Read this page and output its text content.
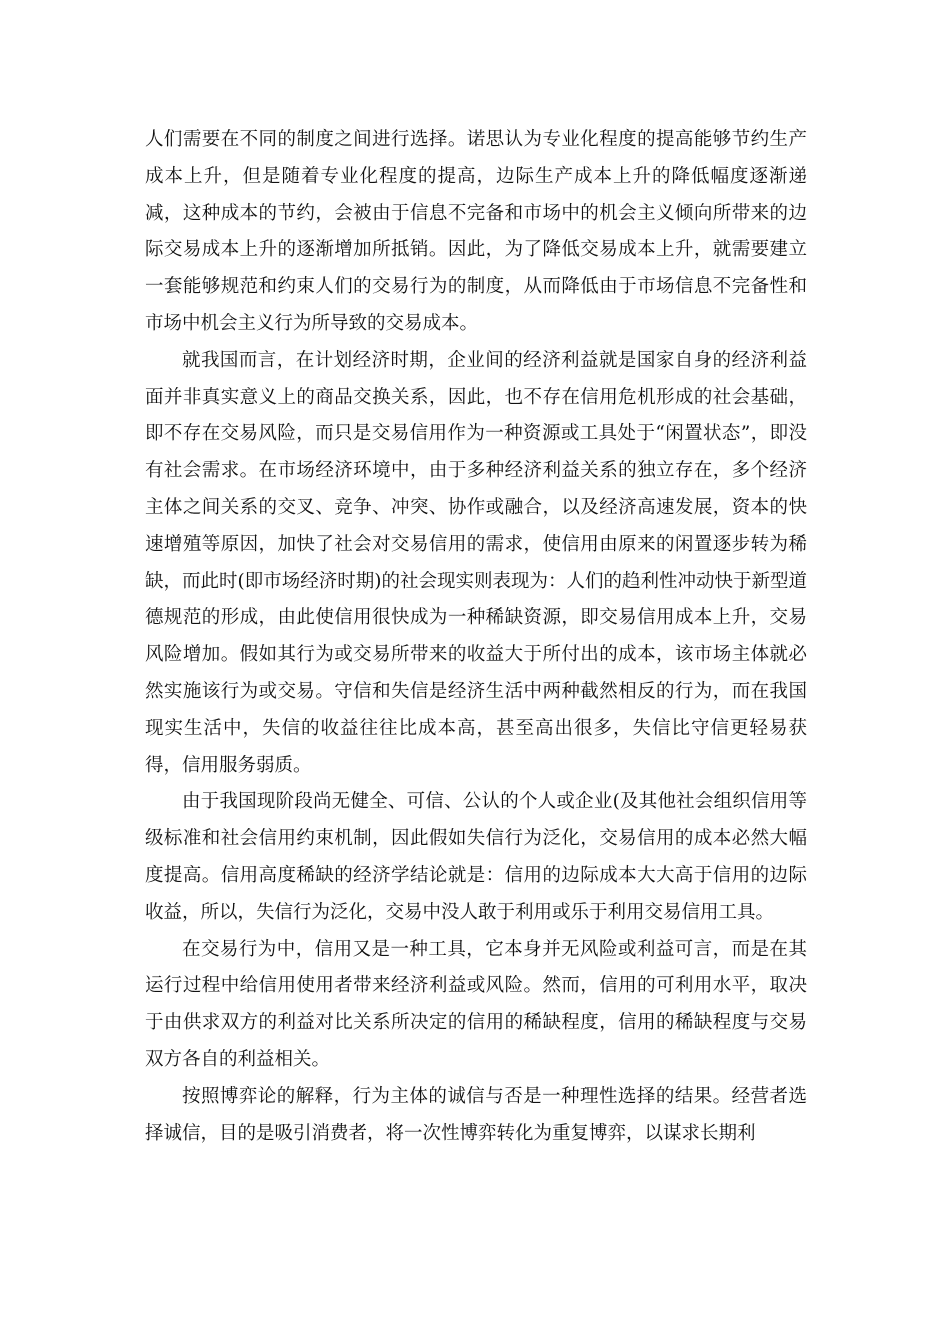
人们需要在不同的制度之间进行选择。诺思认为专业化程度的提高能够节约生产成本上升，但是随着专业化程度的提高，边际生产成本上升的降低幅度逐渐递减，这种成本的节约，会被由于信息不完备和市场中的机会主义倾向所带来的边际交易成本上升的逐渐增加所抵销。因此，为了降低交易成本上升，就需要建立一套能够规范和约束人们的交易行为的制度，从而降低由于市场信息不完备性和市场中机会主义行为所导致的交易成本。

就我国而言，在计划经济时期，企业间的经济利益就是国家自身的经济利益面并非真实意义上的商品交换关系，因此，也不存在信用危机形成的社会基础，即不存在交易风险，而只是交易信用作为一种资源或工具处于“闲置状态”，即没有社会需求。在市场经济环境中，由于多种经济利益关系的独立存在，多个经济主体之间关系的交叉、竞争、冲突、协作或融合，以及经济高速发展，资本的快速增殖等原因，加快了社会对交易信用的需求，使信用由原来的闲置逐步转为稀缺，而此时(即市场经济时期)的社会现实则表现为：人们的趋利性冲动快于新型道德规范的形成，由此使信用很快成为一种稀缺资源，即交易信用成本上升，交易风险增加。假如其行为或交易所带来的收益大于所付出的成本，该市场主体就必然实施该行为或交易。守信和失信是经济生活中两种截然相反的行为，而在我国现实生活中，失信的收益往往比成本高，甚至高出很多，失信比守信更轻易获得，信用服务弱质。

由于我国现阶段尚无健全、可信、公认的个人或企业(及其他社会组织信用等级标准和社会信用约束机制，因此假如失信行为泛化，交易信用的成本必然大幅度提高。信用高度稀缺的经济学结论就是：信用的边际成本大大高于信用的边际收益，所以，失信行为泛化，交易中没人敢于利用或乐于利用交易信用工具。

在交易行为中，信用又是一种工具，它本身并无风险或利益可言，而是在其运行过程中给信用使用者带来经济利益或风险。然而，信用的可利用水平，取决于由供求双方的利益对比关系所决定的信用的稀缺程度，信用的稀缺程度与交易双方各自的利益相关。

按照博弈论的解释，行为主体的诚信与否是一种理性选择的结果。经营者选择诚信，目的是吸引消费者，将一次性博弈转化为重复博弈，以谋求长期利
